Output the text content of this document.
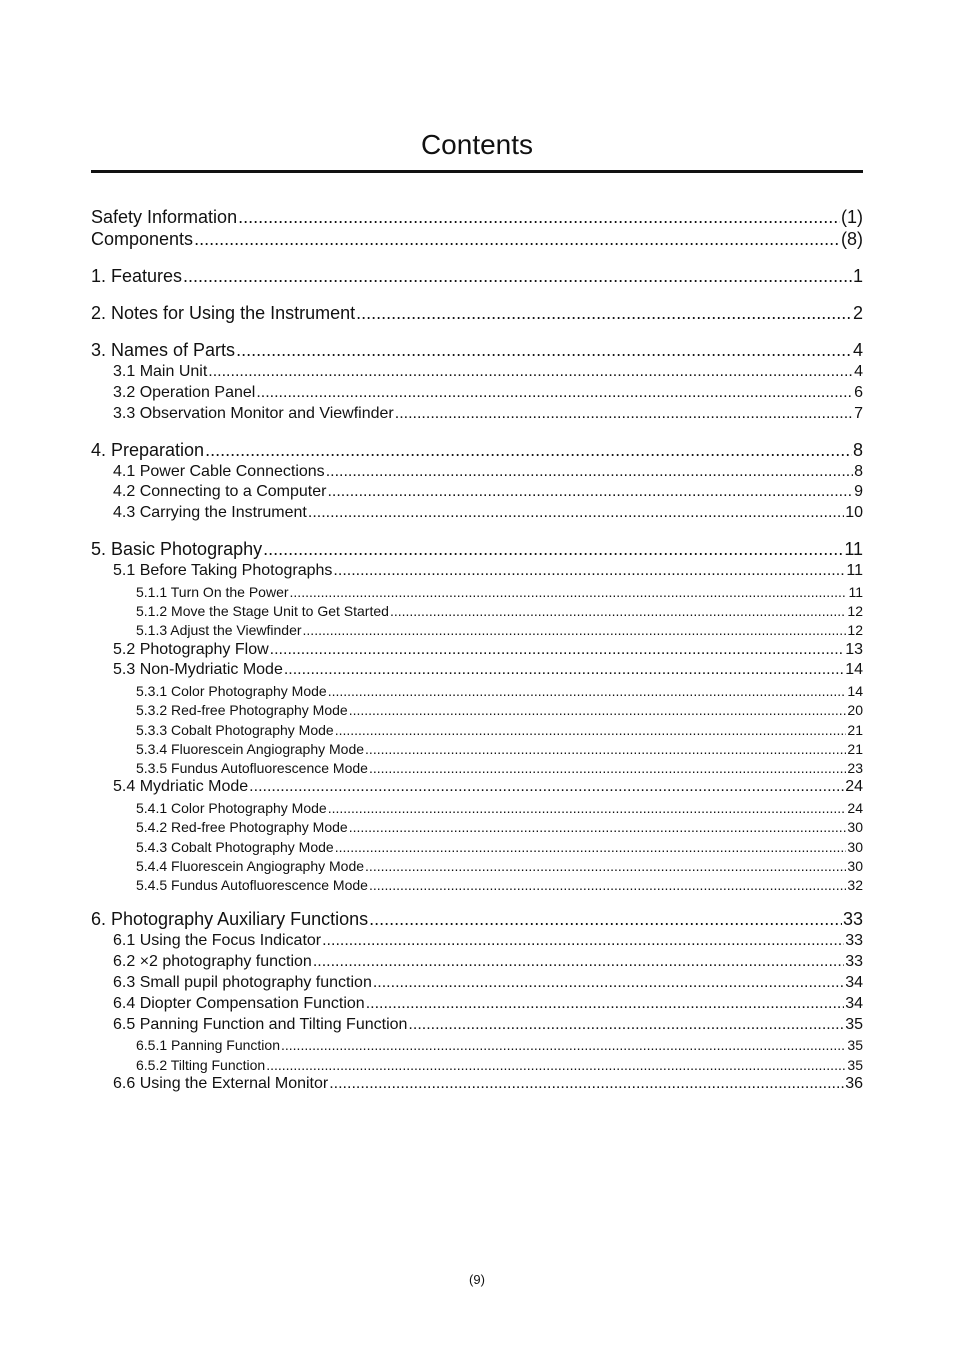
Contents
Safety Information .....	(1)
Components .....	(8)
1. Features .....	1
2. Notes for Using the Instrument .....	2
3. Names of Parts .....	4
3.1 Main Unit .....	4
3.2 Operation Panel .....	6
3.3 Observation Monitor and Viewfinder .....	7
4. Preparation .....	8
4.1 Power Cable Connections .....	8
4.2 Connecting to a Computer .....	9
4.3 Carrying the Instrument .....	10
5. Basic Photography .....	11
5.1 Before Taking Photographs .....	11
5.1.1 Turn On the Power .....	11
5.1.2 Move the Stage Unit to Get Started .....	12
5.1.3 Adjust the Viewfinder .....	12
5.2 Photography Flow .....	13
5.3 Non-Mydriatic Mode .....	14
5.3.1 Color Photography Mode .....	14
5.3.2 Red-free Photography Mode .....	20
5.3.3 Cobalt Photography Mode .....	21
5.3.4 Fluorescein Angiography Mode .....	21
5.3.5 Fundus Autofluorescence Mode .....	23
5.4 Mydriatic Mode .....	24
5.4.1 Color Photography Mode .....	24
5.4.2 Red-free Photography Mode .....	30
5.4.3 Cobalt Photography Mode .....	30
5.4.4 Fluorescein Angiography Mode .....	30
5.4.5 Fundus Autofluorescence Mode .....	32
6. Photography Auxiliary Functions .....	33
6.1 Using the Focus Indicator .....	33
6.2 ×2 photography function .....	33
6.3 Small pupil photography function .....	34
6.4 Diopter Compensation Function .....	34
6.5 Panning Function and Tilting Function .....	35
6.5.1 Panning Function .....	35
6.5.2 Tilting Function .....	35
6.6 Using the External Monitor .....	36
(9)
